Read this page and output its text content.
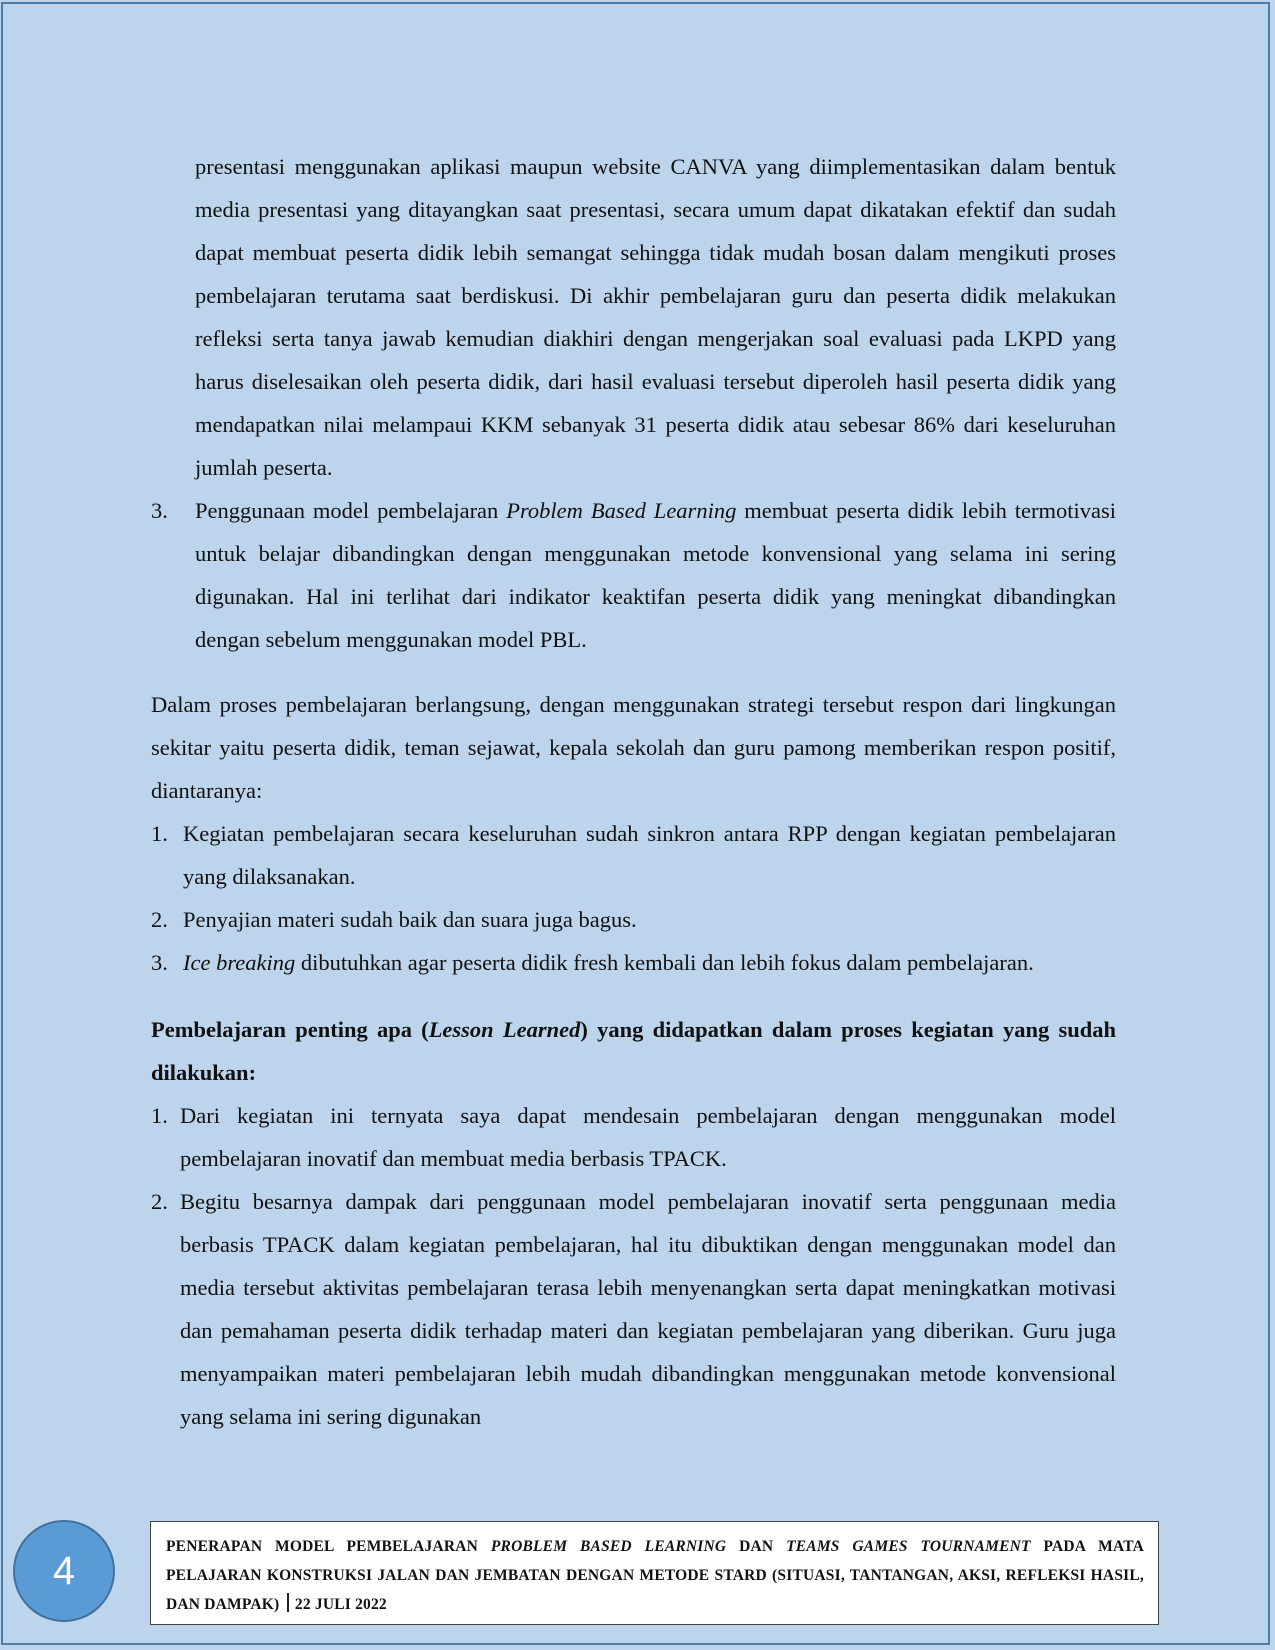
presentasi menggunakan aplikasi maupun website CANVA yang diimplementasikan dalam bentuk media presentasi yang ditayangkan saat presentasi, secara umum dapat dikatakan efektif dan sudah dapat membuat peserta didik lebih semangat sehingga tidak mudah bosan dalam mengikuti proses pembelajaran terutama saat berdiskusi. Di akhir pembelajaran guru dan peserta didik melakukan refleksi serta tanya jawab kemudian diakhiri dengan mengerjakan soal evaluasi pada LKPD yang harus diselesaikan oleh peserta didik, dari hasil evaluasi tersebut diperoleh hasil peserta didik yang mendapatkan nilai melampaui KKM sebanyak 31 peserta didik atau sebesar 86% dari keseluruhan jumlah peserta.

3. Penggunaan model pembelajaran Problem Based Learning membuat peserta didik lebih termotivasi untuk belajar dibandingkan dengan menggunakan metode konvensional yang selama ini sering digunakan. Hal ini terlihat dari indikator keaktifan peserta didik yang meningkat dibandingkan dengan sebelum menggunakan model PBL.

Dalam proses pembelajaran berlangsung, dengan menggunakan strategi tersebut respon dari lingkungan sekitar yaitu peserta didik, teman sejawat, kepala sekolah dan guru pamong memberikan respon positif, diantaranya:

1. Kegiatan pembelajaran secara keseluruhan sudah sinkron antara RPP dengan kegiatan pembelajaran yang dilaksanakan.
2. Penyajian materi sudah baik dan suara juga bagus.
3. Ice breaking dibutuhkan agar peserta didik fresh kembali dan lebih fokus dalam pembelajaran.

Pembelajaran penting apa (Lesson Learned) yang didapatkan dalam proses kegiatan yang sudah dilakukan:

1. Dari kegiatan ini ternyata saya dapat mendesain pembelajaran dengan menggunakan model pembelajaran inovatif dan membuat media berbasis TPACK.
2. Begitu besarnya dampak dari penggunaan model pembelajaran inovatif serta penggunaan media berbasis TPACK dalam kegiatan pembelajaran, hal itu dibuktikan dengan menggunakan model dan media tersebut aktivitas pembelajaran terasa lebih menyenangkan serta dapat meningkatkan motivasi dan pemahaman peserta didik terhadap materi dan kegiatan pembelajaran yang diberikan. Guru juga menyampaikan materi pembelajaran lebih mudah dibandingkan menggunakan metode konvensional yang selama ini sering digunakan
4
PENERAPAN MODEL PEMBELAJARAN PROBLEM BASED LEARNING DAN TEAMS GAMES TOURNAMENT PADA MATA PELAJARAN KONSTRUKSI JALAN DAN JEMBATAN DENGAN METODE STARD (SITUASI, TANTANGAN, AKSI, REFLEKSI HASIL, DAN DAMPAK) 22 JULI 2022
